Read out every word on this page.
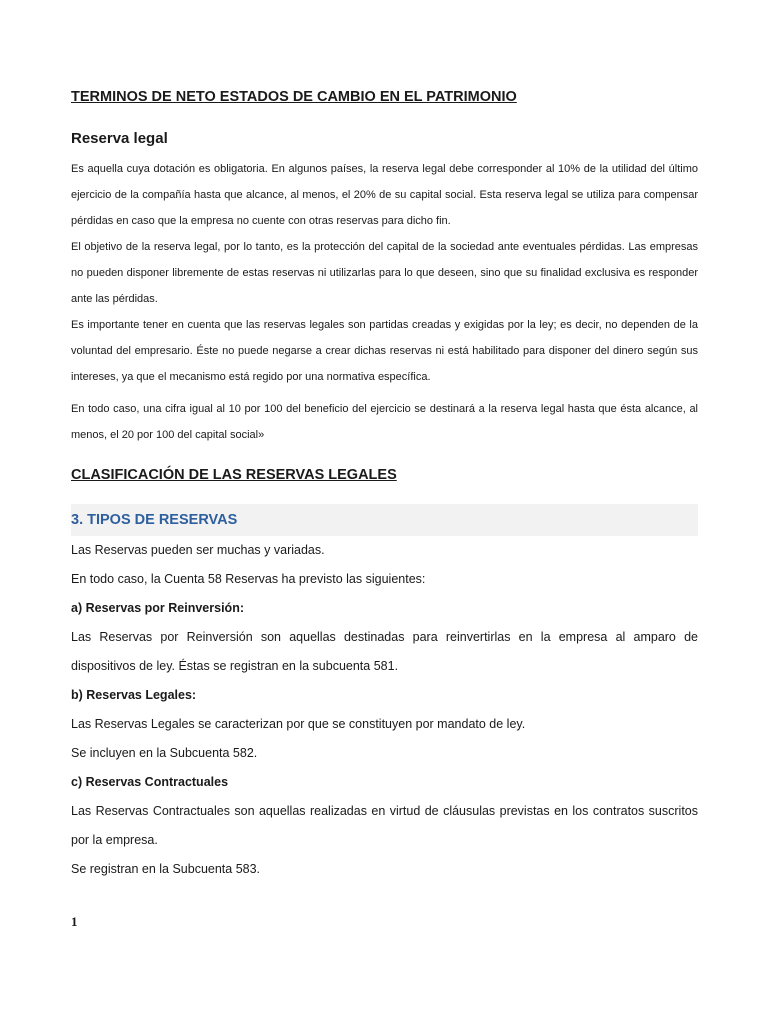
TERMINOS DE NETO ESTADOS DE CAMBIO EN EL PATRIMONIO
Reserva legal

Es aquella cuya dotación es obligatoria. En algunos países, la reserva legal debe corresponder al 10% de la utilidad del último ejercicio de la compañía hasta que alcance, al menos, el 20% de su capital social. Esta reserva legal se utiliza para compensar pérdidas en caso que la empresa no cuente con otras reservas para dicho fin.

El objetivo de la reserva legal, por lo tanto, es la protección del capital de la sociedad ante eventuales pérdidas. Las empresas no pueden disponer libremente de estas reservas ni utilizarlas para lo que deseen, sino que su finalidad exclusiva es responder ante las pérdidas.

Es importante tener en cuenta que las reservas legales son partidas creadas y exigidas por la ley; es decir, no dependen de la voluntad del empresario. Éste no puede negarse a crear dichas reservas ni está habilitado para disponer del dinero según sus intereses, ya que el mecanismo está regido por una normativa específica.

En todo caso, una cifra igual al 10 por 100 del beneficio del ejercicio se destinará a la reserva legal hasta que ésta alcance, al menos, el 20 por 100 del capital social»

CLASIFICACIÓN DE LAS RESERVAS LEGALES
3. TIPOS DE RESERVAS

Las Reservas pueden ser muchas y variadas.

En todo caso, la Cuenta 58 Reservas ha previsto las siguientes:

a) Reservas por Reinversión:

Las Reservas por Reinversión son aquellas destinadas para reinvertirlas en la empresa al amparo de dispositivos de ley. Éstas se registran en la subcuenta 581.

b) Reservas Legales:

Las Reservas Legales se caracterizan por que se constituyen por mandato de ley.

Se incluyen en la Subcuenta 582.

c) Reservas Contractuales

Las Reservas Contractuales son aquellas realizadas en virtud de cláusulas previstas en los contratos suscritos por la empresa.

Se registran en la Subcuenta 583.

1
